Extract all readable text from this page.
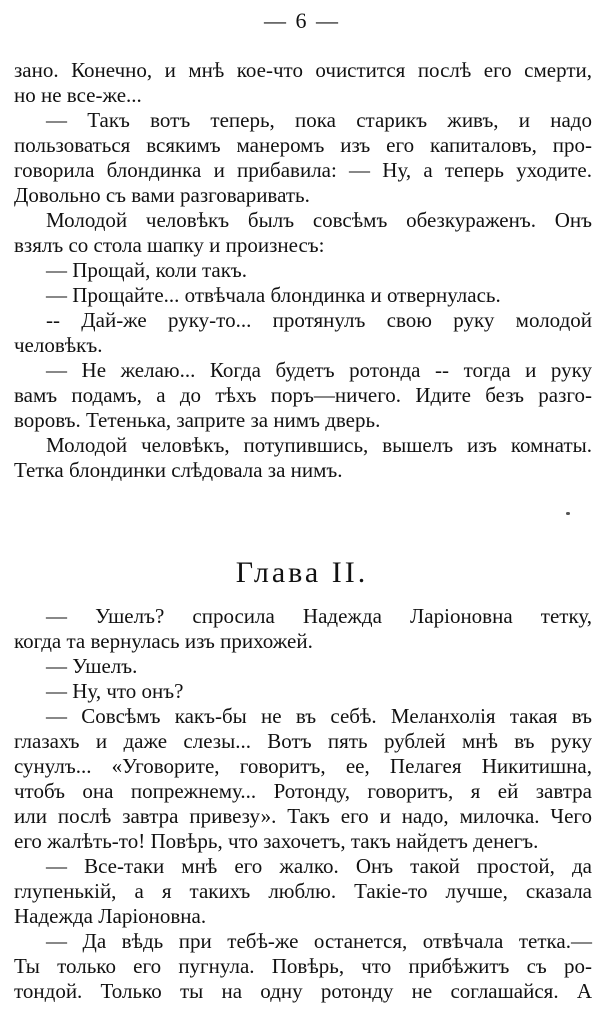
— 6 —

зано. Конечно, и мнѣ кое-что очистится послѣ его смерти,
но не все-же...

— Такъ вотъ теперь, пока старикъ живъ, и надо
пользоваться всякимъ манеромъ изъ его капиталовъ, про-
говорила блондинка и прибавила: — Ну, а теперь уходите.
Довольно съ вами разговаривать.

Молодой человѣкъ былъ совсѣмъ обезкураженъ. Онъ
взялъ со стола шапку и произнесъ:

— Прощай, коли такъ.

— Прощайте... отвѣчала блондинка и отвернулась.

-- Дай-же руку-то... протянулъ свою руку молодой
человѣкъ.

— Не желаю... Когда будетъ ротонда -- тогда и руку
вамъ подамъ, а до тѣхъ поръ—ничего. Идите безъ разго-
воровъ. Тетенька, заприте за нимъ дверь.

Молодой человѣкъ, потупившись, вышелъ изъ комнаты.
Тетка блондинки слѣдовала за нимъ.

Глава II.

— Ушелъ? спросила Надежда Ларіоновна тетку,
когда та вернулась изъ прихожей.

— Ушелъ.

— Ну, что онъ?

— Совсѣмъ какъ-бы не въ себѣ. Меланхолія такая въ
глазахъ и даже слезы... Вотъ пять рублей мнѣ въ руку
сунулъ... «Уговорите, говоритъ, ее, Пелагея Никитишна,
чтобъ она попрежнему... Ротонду, говоритъ, я ей завтра
или послѣ завтра привезу». Такъ его и надо, милочка. Чего
его жалѣть-то! Повѣрь, что захочетъ, такъ найдетъ денегъ.

— Все-таки мнѣ его жалко. Онъ такой простой, да
глупенькій, а я такихъ люблю. Такіе-то лучше, сказала
Надежда Ларіоновна.

— Да вѣдь при тебѣ-же останется, отвѣчала тетка.—
Ты только его пугнула. Повѣрь, что прибѣжитъ съ ро-
тондой. Только ты на одну ротонду не соглашайся. А
